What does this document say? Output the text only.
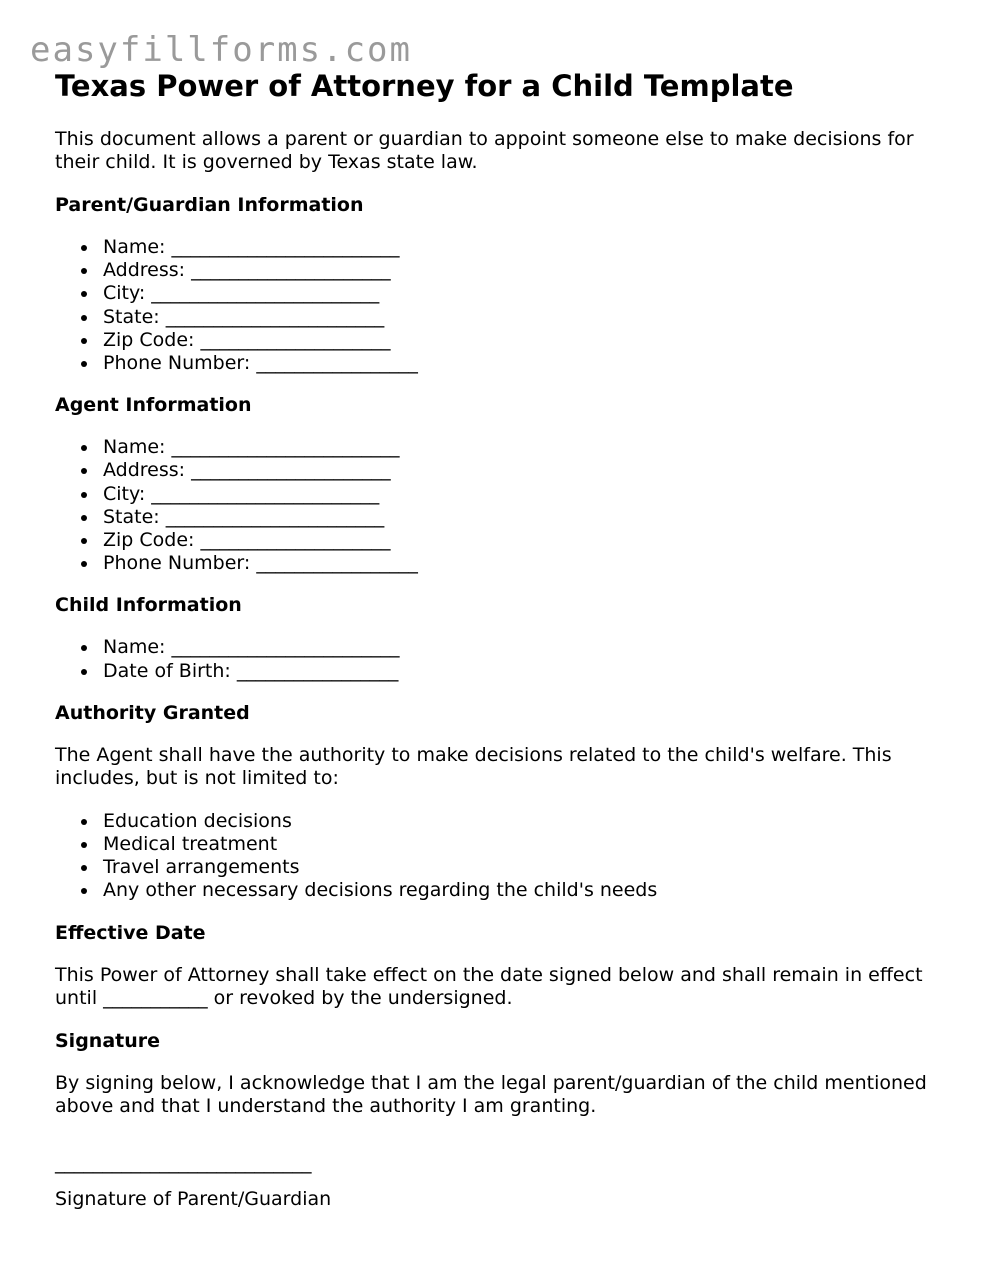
easyfillforms.com
Texas Power of Attorney for a Child Template

This document allows a parent or guardian to appoint someone else to make decisions for their child. It is governed by Texas state law.

Parent/Guardian Information
Name: ________________________
Address: _____________________
City: ________________________
State: _______________________
Zip Code: ____________________
Phone Number: _________________
Agent Information
Name: ________________________
Address: _____________________
City: ________________________
State: _______________________
Zip Code: ____________________
Phone Number: _________________
Child Information
Name: ________________________
Date of Birth: _________________
Authority Granted

The Agent shall have the authority to make decisions related to the child's welfare. This includes, but is not limited to:

Education decisions
Medical treatment
Travel arrangements
Any other necessary decisions regarding the child's needs
Effective Date

This Power of Attorney shall take effect on the date signed below and shall remain in effect until ___________ or revoked by the undersigned.

Signature

By signing below, I acknowledge that I am the legal parent/guardian of the child mentioned above and that I understand the authority I am granting.

___________________________
Signature of Parent/Guardian
